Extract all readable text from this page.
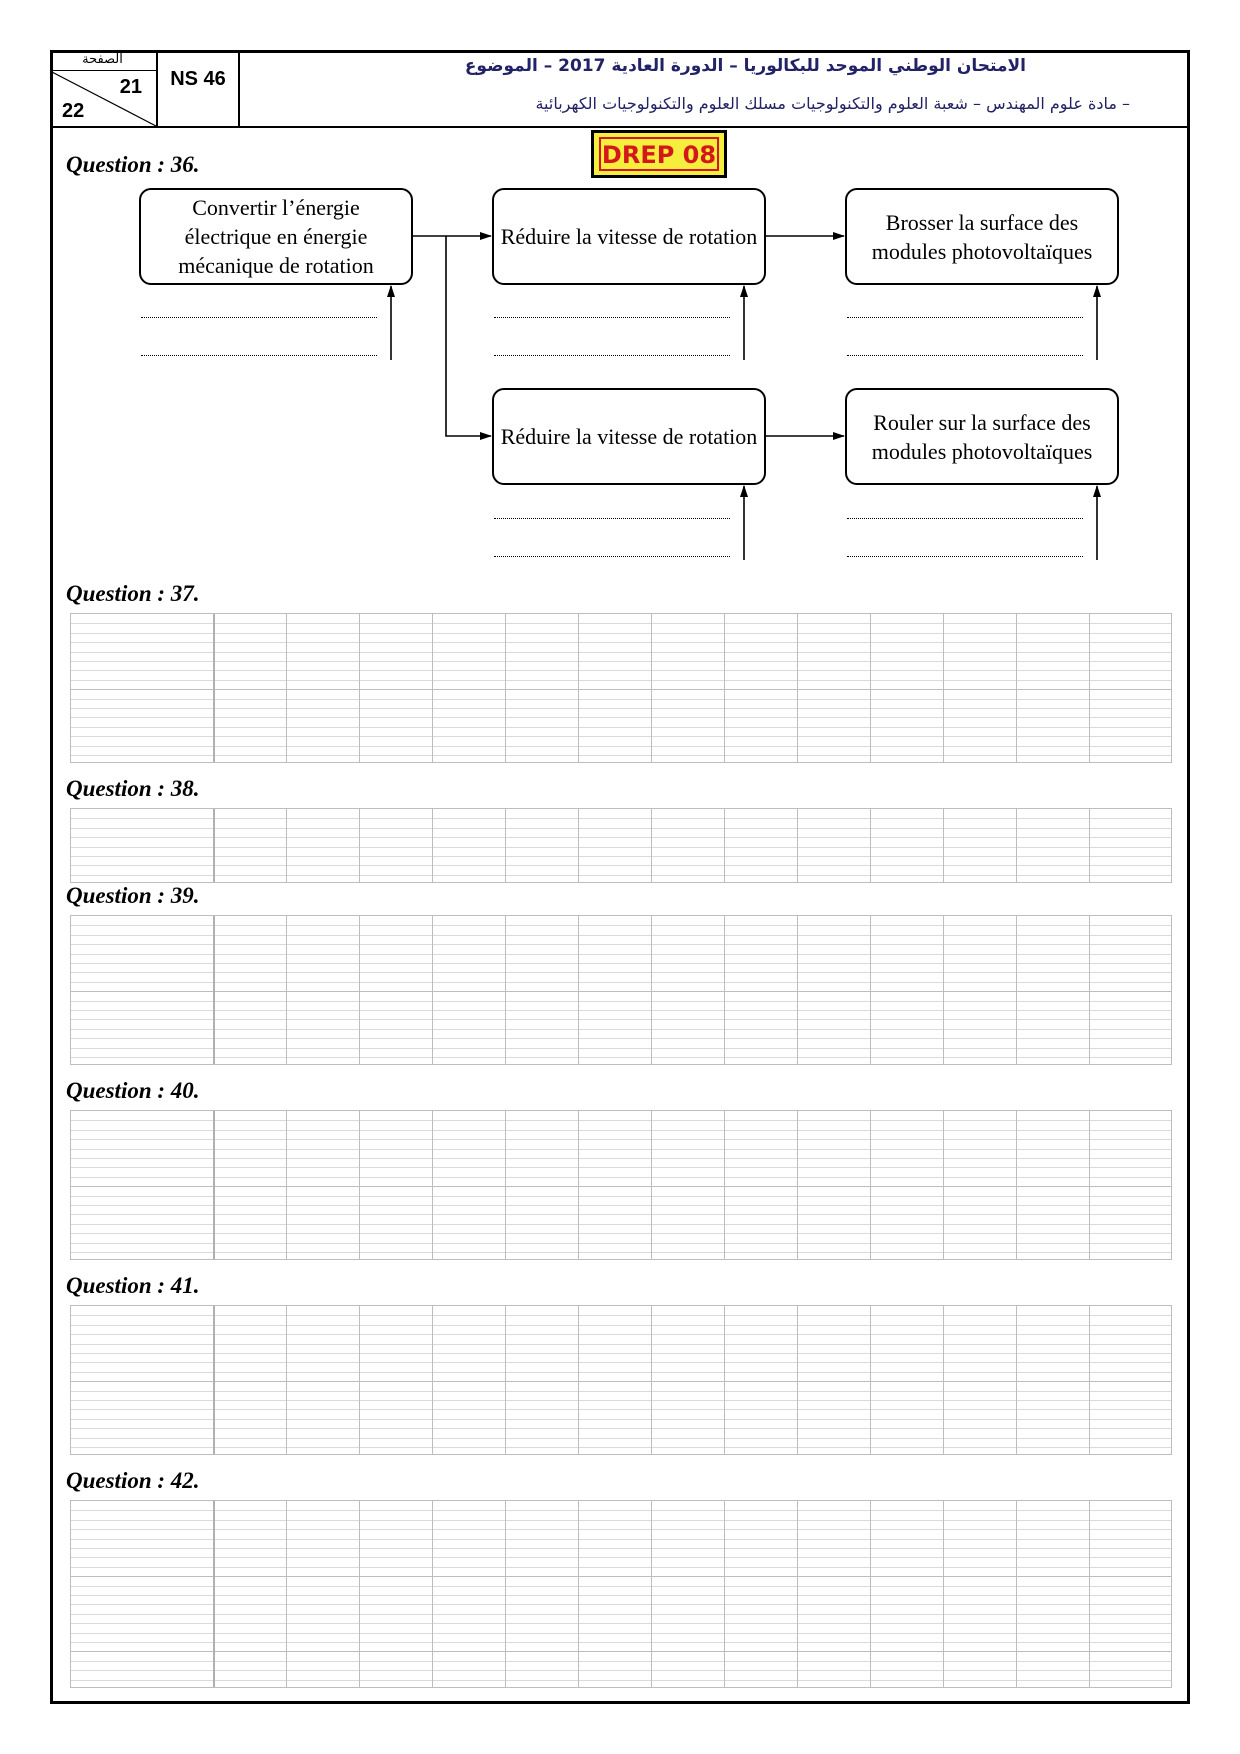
الصفحة
21
22
NS 46
الامتحان الوطني الموحد للبكالوريا – الدورة العادية 2017 – الموضوع
– مادة علوم المهندس – شعبة العلوم والتكنولوجيات مسلك العلوم والتكنولوجيات الكهربائية
DREP 08
Question : 36.
Convertir l’énergie électrique en énergie mécanique de rotation
Réduire la vitesse de rotation
Brosser la surface des modules photovoltaïques
Réduire la vitesse de rotation
Rouler sur la surface des modules photovoltaïques
Question : 37.
Question : 38.
Question : 39.
Question : 40.
Question : 41.
Question : 42.
